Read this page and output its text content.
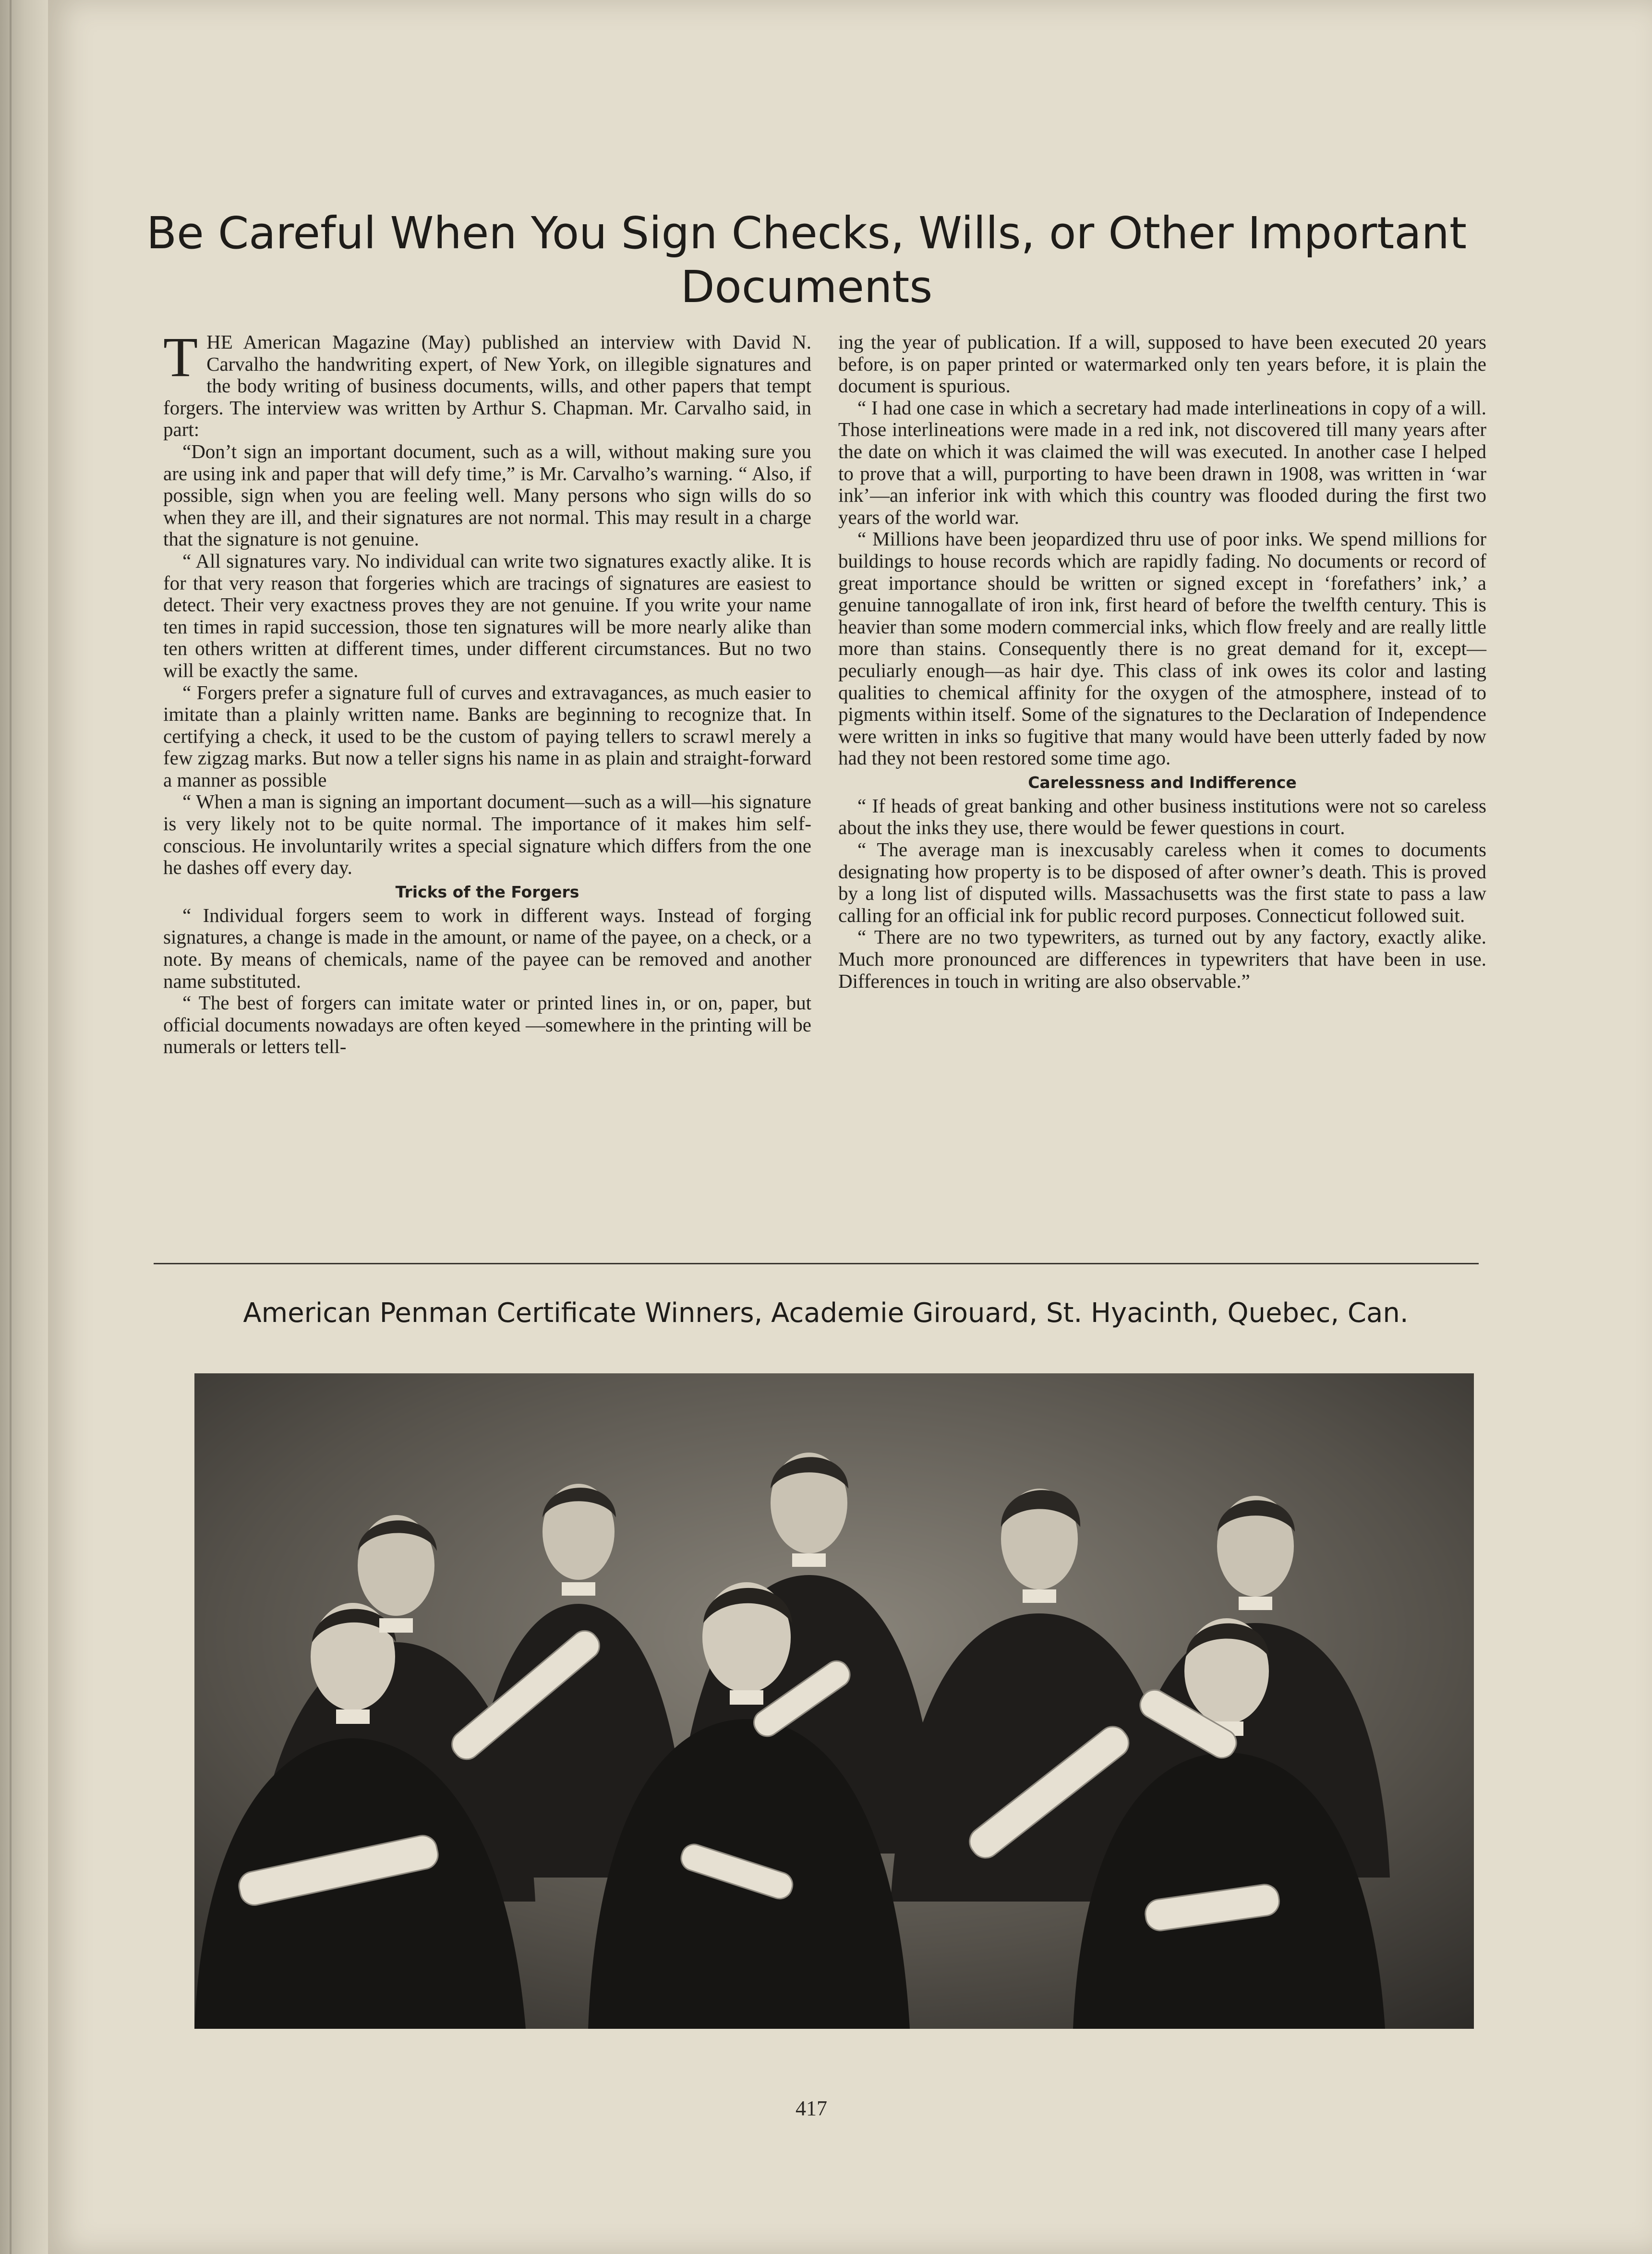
Be Careful When You Sign Checks, Wills, or Other Important Documents

THE American Magazine (May) published an interview with David N. Carvalho the handwriting expert, of New York, on illegible signatures and the body writing of business documents, wills, and other papers that tempt forgers. The interview was written by Arthur S. Chapman. Mr. Carvalho said, in part:

“Don’t sign an important document, such as a will, without making sure you are using ink and paper that will defy time,” is Mr. Carvalho’s warning. “ Also, if possible, sign when you are feeling well. Many persons who sign wills do so when they are ill, and their signatures are not normal. This may result in a charge that the signature is not genuine.

“ All signatures vary. No individual can write two signatures exactly alike. It is for that very reason that forgeries which are tracings of signatures are easiest to detect. Their very exactness proves they are not genuine. If you write your name ten times in rapid succession, those ten signatures will be more nearly alike than ten others written at different times, under different circumstances. But no two will be exactly the same.

“ Forgers prefer a signature full of curves and extravagances, as much easier to imitate than a plainly written name. Banks are beginning to recognize that. In certifying a check, it used to be the custom of paying tellers to scrawl merely a few zigzag marks. But now a teller signs his name in as plain and straight-forward a manner as possible

“ When a man is signing an important document—such as a will—his signature is very likely not to be quite normal. The importance of it makes him self-conscious. He involuntarily writes a special signature which differs from the one he dashes off every day.

Tricks of the Forgers

“ Individual forgers seem to work in different ways. Instead of forging signatures, a change is made in the amount, or name of the payee, on a check, or a note. By means of chemicals, name of the payee can be removed and another name substituted.

“ The best of forgers can imitate water or printed lines in, or on, paper, but official documents nowadays are often keyed —somewhere in the printing will be numerals or letters tell-

ing the year of publication. If a will, supposed to have been executed 20 years before, is on paper printed or watermarked only ten years before, it is plain the document is spurious.

“ I had one case in which a secretary had made interlineations in copy of a will. Those interlineations were made in a red ink, not discovered till many years after the date on which it was claimed the will was executed. In another case I helped to prove that a will, purporting to have been drawn in 1908, was written in ‘war ink’—an inferior ink with which this country was flooded during the first two years of the world war.

“ Millions have been jeopardized thru use of poor inks. We spend millions for buildings to house records which are rapidly fading. No documents or record of great importance should be written or signed except in ‘forefathers’ ink,’ a genuine tannogallate of iron ink, first heard of before the twelfth century. This is heavier than some modern commercial inks, which flow freely and are really little more than stains. Consequently there is no great demand for it, except—peculiarly enough—as hair dye. This class of ink owes its color and lasting qualities to chemical affinity for the oxygen of the atmosphere, instead of to pigments within itself. Some of the signatures to the Declaration of Independence were written in inks so fugitive that many would have been utterly faded by now had they not been restored some time ago.

Carelessness and Indifference

“ If heads of great banking and other business institutions were not so careless about the inks they use, there would be fewer questions in court.

“ The average man is inexcusably careless when it comes to documents designating how property is to be disposed of after owner’s death. This is proved by a long list of disputed wills. Massachusetts was the first state to pass a law calling for an official ink for public record purposes. Connecticut followed suit.

“ There are no two typewriters, as turned out by any factory, exactly alike. Much more pronounced are differences in typewriters that have been in use. Differences in touch in writing are also observable.”

American Penman Certificate Winners, Academie Girouard, St. Hyacinth, Quebec, Can.
417
